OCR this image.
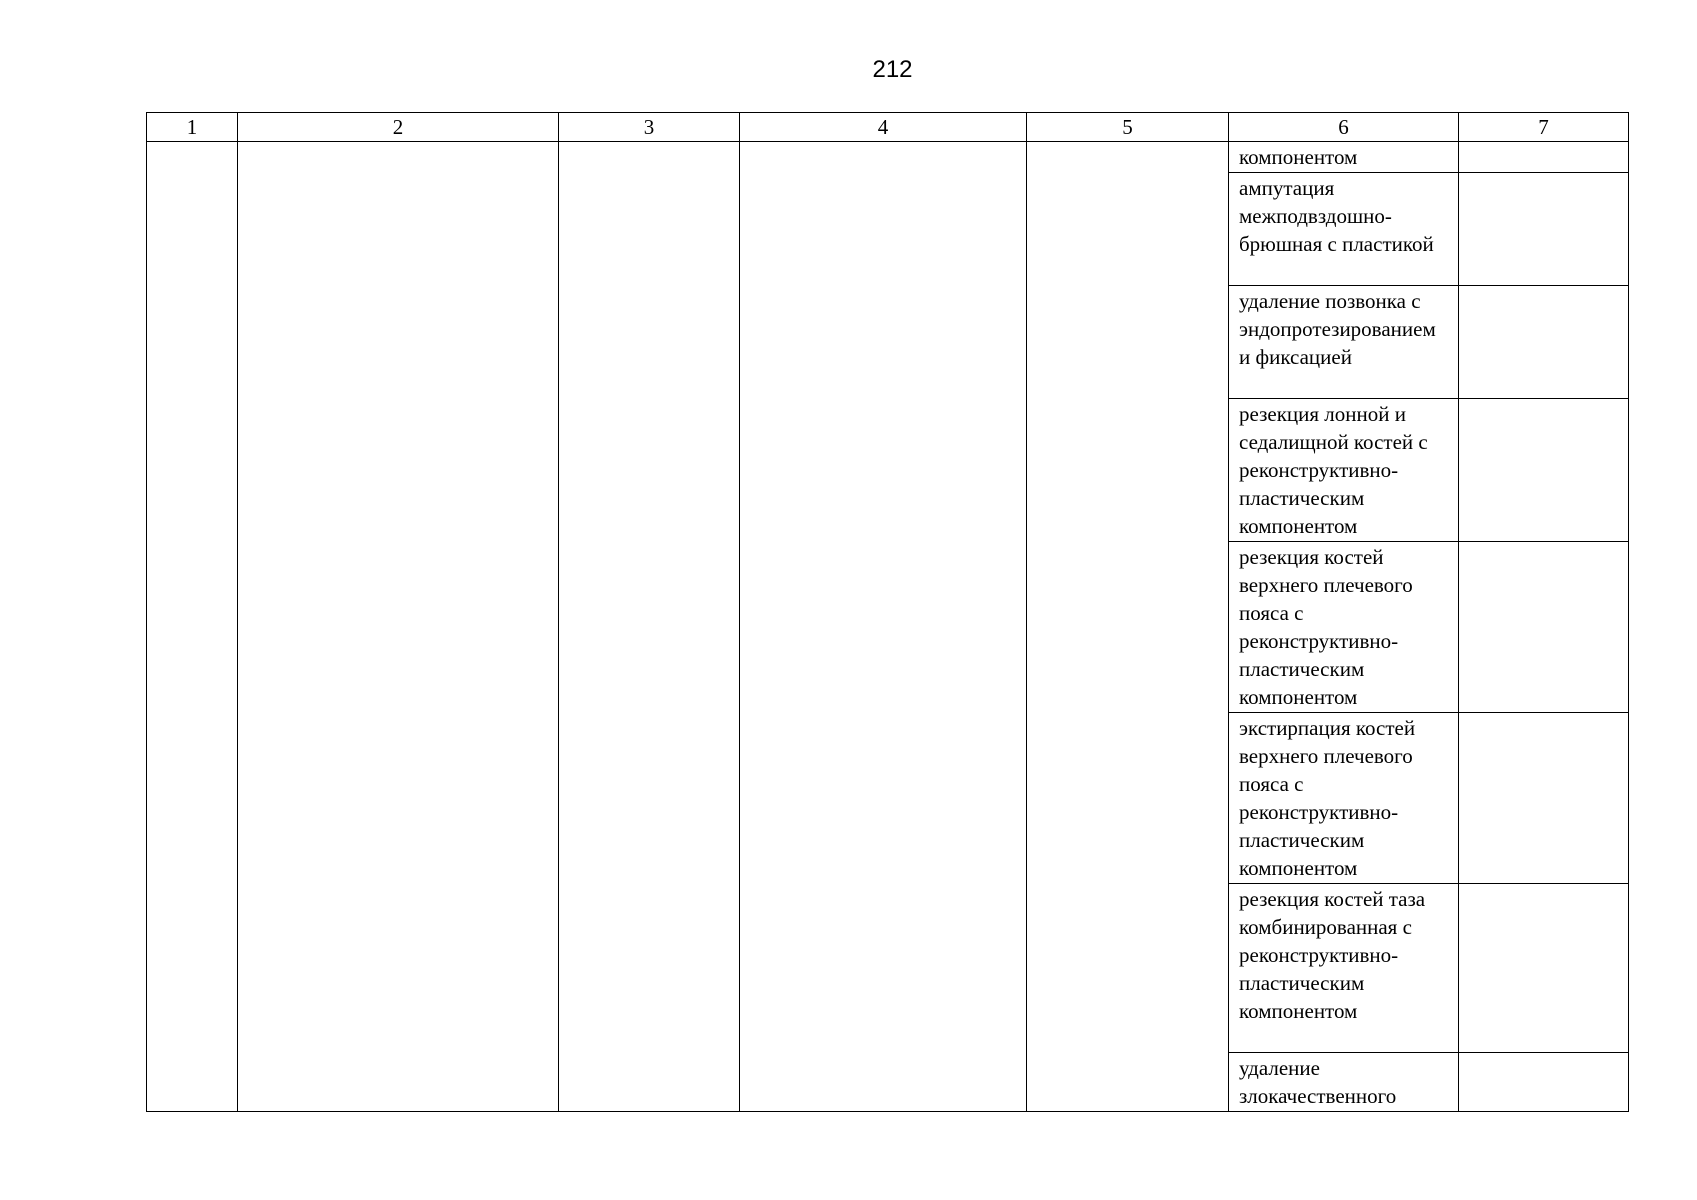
212
1	2	3	4	5	6	7
					компонентом	
					ампутация межподвздошно-брюшная с пластикой	
					удаление позвонка с эндопротезированием и фиксацией	
					резекция лонной и седалищной костей с реконструктивно-пластическим компонентом	
					резекция костей верхнего плечевого пояса с реконструктивно-пластическим компонентом	
					экстирпация костей верхнего плечевого пояса с реконструктивно-пластическим компонентом	
					резекция костей таза комбинированная с реконструктивно-пластическим компонентом	
					удаление злокачественного	
